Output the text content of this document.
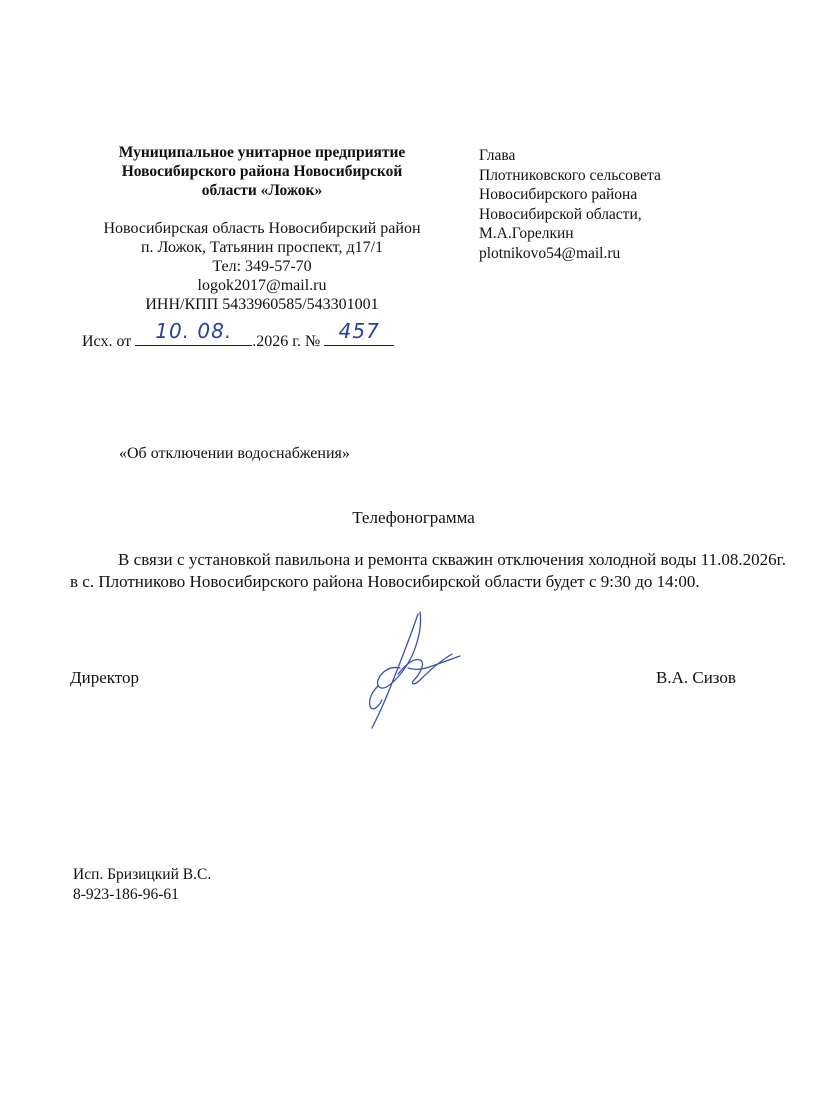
Муниципальное унитарное предприятие
Новосибирского района Новосибирской
области «Ложок»
Новосибирская область Новосибирский район
п. Ложок, Татьянин проспект, д17/1
Тел: 349-57-70
logok2017@mail.ru
ИНН/КПП 5433960585/543301001
Исх. от	10. 08.	.2026 г. № 457
Глава
Плотниковского сельсовета
Новосибирского района
Новосибирской области,
М.А.Горелкин
plotnikovo54@mail.ru
«Об отключении водоснабжения»
Телефонограмма
В связи с установкой павильона и ремонта скважин отключения холодной воды 11.08.2026г. в с. Плотниково Новосибирского района Новосибирской области будет с 9:30 до 14:00.
Директор	В.А. Сизов
Исп. Бризицкий В.С.
8-923-186-96-61
